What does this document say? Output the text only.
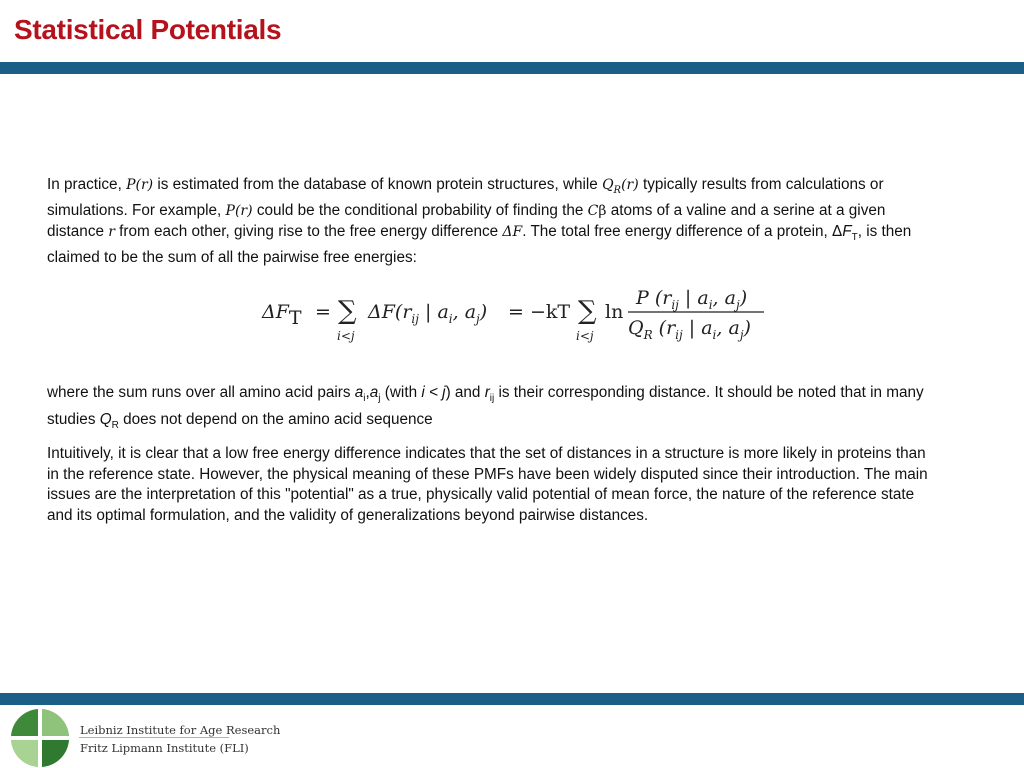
Statistical Potentials
In practice, P(r) is estimated from the database of known protein structures, while $Q_R(r)$ typically results from calculations or simulations. For example, P(r) could be the conditional probability of finding the Cβ atoms of a valine and a serine at a given distance r from each other, giving rise to the free energy difference ΔF. The total free energy difference of a protein, $\Delta F_T$, is then claimed to be the sum of all the pairwise free energies:
ΔFT = ∑
i<j
$\Delta F(r_{ij}$ | $a_i$, $a_j) = -kT$ ∑
i<j
ln
P ($r_{ij}$ | $a_i$, $a_j$)
$Q_R$ ($r_{ij}$ | $a_i$, $a_j$)
where the sum runs over all amino acid pairs $a_i,a_j$ (with i < j) and $r_{ij}$ is their corresponding distance. It should be noted that in many studies $Q_R$ does not depend on the amino acid sequence
Intuitively, it is clear that a low free energy difference indicates that the set of distances in a structure is more likely in proteins than in the reference state. However, the physical meaning of these PMFs have been widely disputed since their introduction. The main issues are the interpretation of this "potential" as a true, physically valid potential of mean force, the nature of the reference state and its optimal formulation, and the validity of generalizations beyond pairwise distances.
Leibniz Institute for Age Research
Fritz Lipmann Institute (FLI)
